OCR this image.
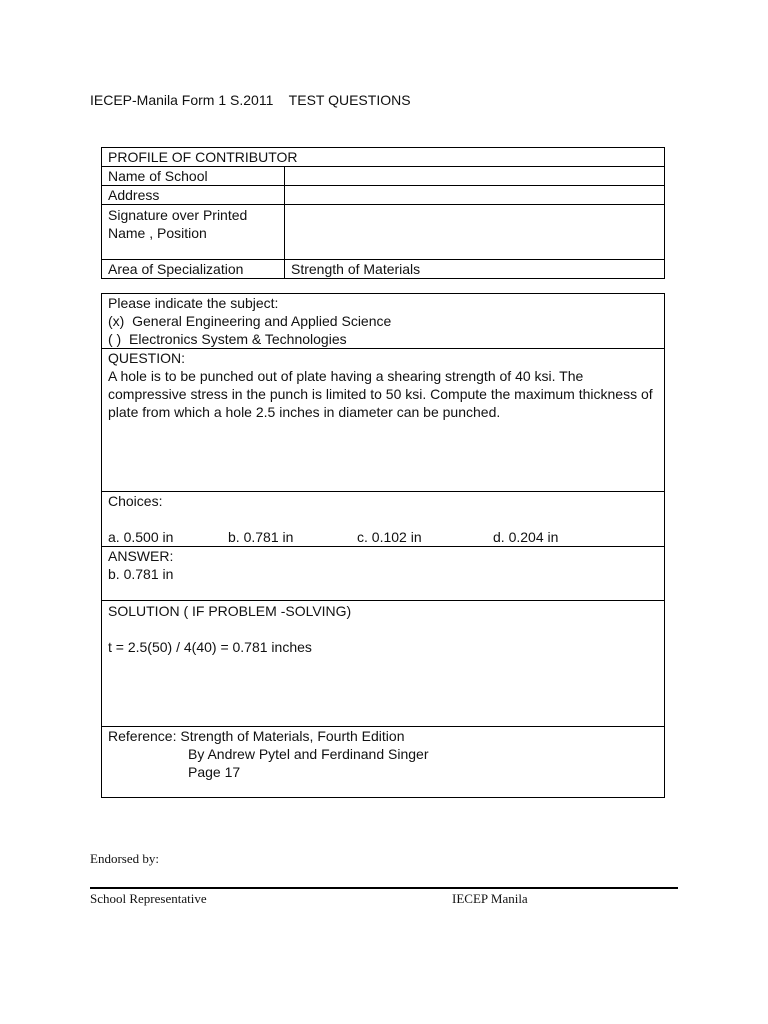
IECEP-Manila Form 1 S.2011    TEST QUESTIONS
PROFILE OF CONTRIBUTOR	
Name of School	
Address	
Signature over Printed Name , Position	
Area of Specialization	Strength of Materials
Please indicate the subject:
(x)  General Engineering and Applied Science
( )  Electronics System & Technologies

QUESTION:
A hole is to be punched out of plate having a shearing strength of 40 ksi. The compressive stress in the punch is limited to 50 ksi. Compute the maximum thickness of plate from which a hole 2.5 inches in diameter can be punched.

Choices:

a. 0.500 in	b. 0.781 in	c. 0.102 in	d. 0.204 in

ANSWER:
b. 0.781 in

SOLUTION ( IF PROBLEM -SOLVING)

t = 2.5(50) / 4(40) = 0.781 inches

Reference: Strength of Materials, Fourth Edition
By Andrew Pytel and Ferdinand Singer
Page 17
Endorsed by:
School Representative	IECEP Manila
